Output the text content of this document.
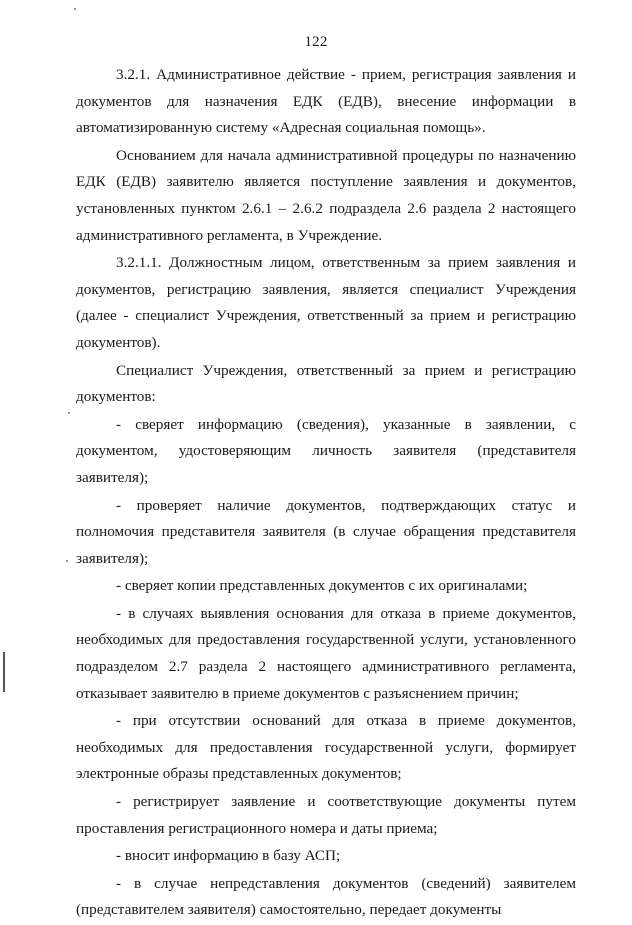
122

3.2.1. Административное действие - прием, регистрация заявления и документов для назначения ЕДК (ЕДВ), внесение информации в автоматизированную систему «Адресная социальная помощь».

Основанием для начала административной процедуры по назначению ЕДК (ЕДВ) заявителю является поступление заявления и документов, установленных пунктом 2.6.1 – 2.6.2 подраздела 2.6 раздела 2 настоящего административного регламента, в Учреждение.

3.2.1.1. Должностным лицом, ответственным за прием заявления и документов, регистрацию заявления, является специалист Учреждения (далее - специалист Учреждения, ответственный за прием и регистрацию документов).

Специалист Учреждения, ответственный за прием и регистрацию документов:

- сверяет информацию (сведения), указанные в заявлении, с документом, удостоверяющим личность заявителя (представителя заявителя);

- проверяет наличие документов, подтверждающих статус и полномочия представителя заявителя (в случае обращения представителя заявителя);

- сверяет копии представленных документов с их оригиналами;

- в случаях выявления основания для отказа в приеме документов, необходимых для предоставления государственной услуги, установленного подразделом 2.7 раздела 2 настоящего административного регламента, отказывает заявителю в приеме документов с разъяснением причин;

- при отсутствии оснований для отказа в приеме документов, необходимых для предоставления государственной услуги, формирует электронные образы представленных документов;

- регистрирует заявление и соответствующие документы путем проставления регистрационного номера и даты приема;

- вносит информацию в базу АСП;

- в случае непредставления документов (сведений) заявителем (представителем заявителя) самостоятельно, передает документы
